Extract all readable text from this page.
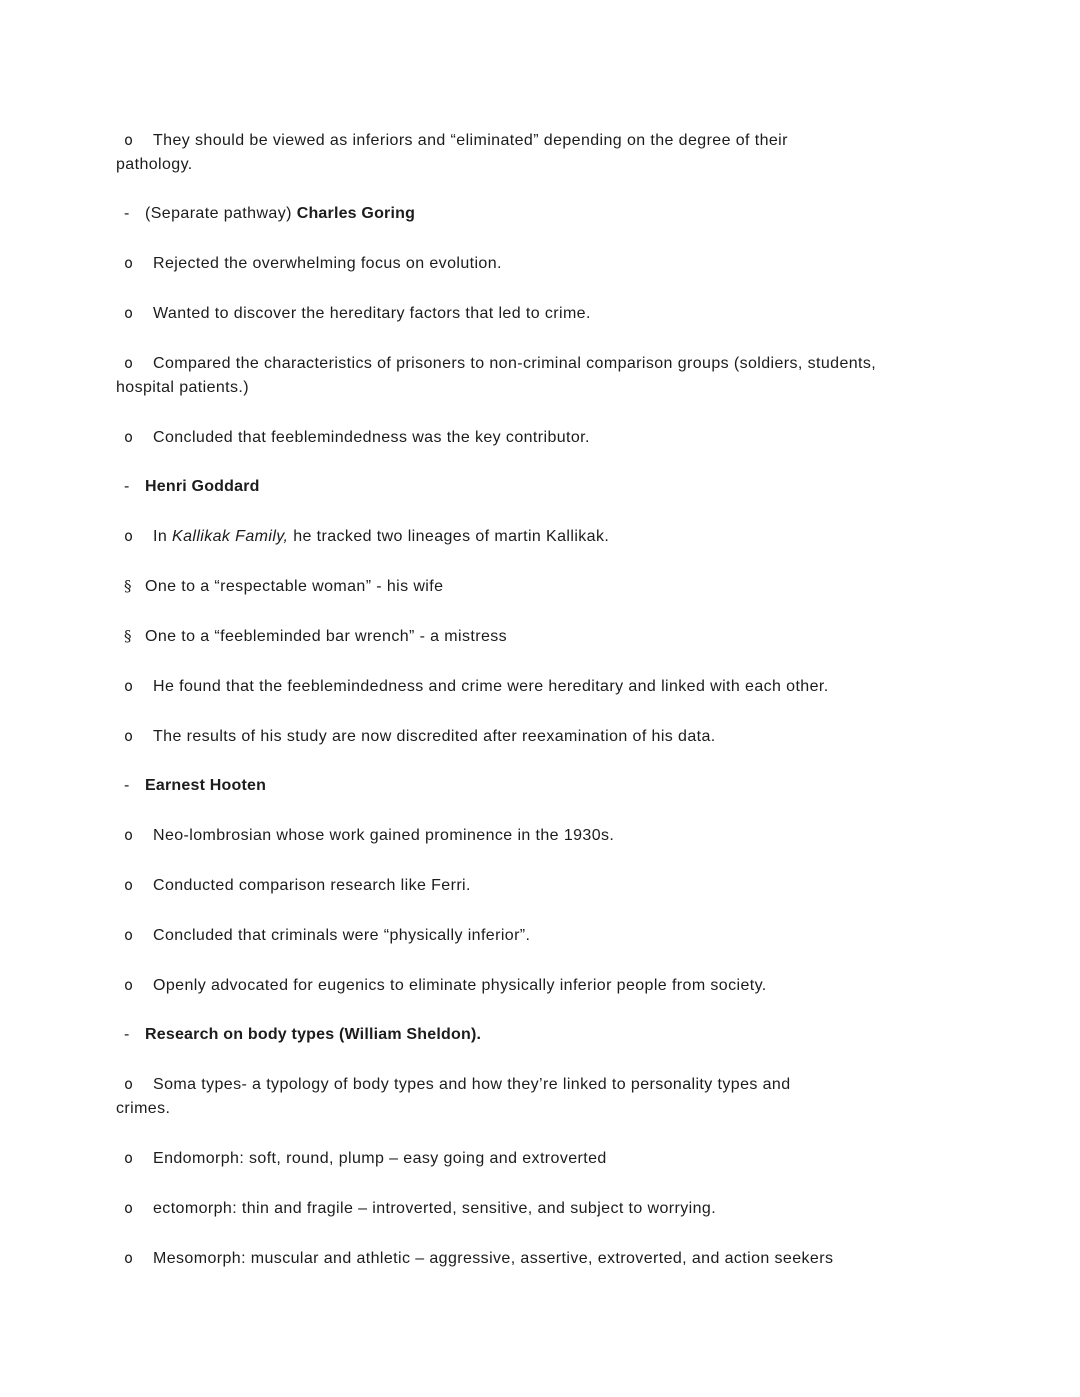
o They should be viewed as inferiors and “eliminated” depending on the degree of their
pathology.

- (Separate pathway) Charles Goring

o Rejected the overwhelming focus on evolution.

o Wanted to discover the hereditary factors that led to crime.

o Compared the characteristics of prisoners to non-criminal comparison groups (soldiers, students,
hospital patients.)

o Concluded that feeblemindedness was the key contributor.

- Henri Goddard

o In Kallikak Family, he tracked two lineages of martin Kallikak.

§ One to a “respectable woman” - his wife

§ One to a “feebleminded bar wrench” - a mistress

o He found that the feeblemindedness and crime were hereditary and linked with each other.

o The results of his study are now discredited after reexamination of his data.

- Earnest Hooten

o Neo-lombrosian whose work gained prominence in the 1930s.

o Conducted comparison research like Ferri.

o Concluded that criminals were “physically inferior”.

o Openly advocated for eugenics to eliminate physically inferior people from society.

- Research on body types (William Sheldon).

o Soma types- a typology of body types and how they’re linked to personality types and
crimes.

o Endomorph: soft, round, plump – easy going and extroverted

o ectomorph: thin and fragile – introverted, sensitive, and subject to worrying.

o Mesomorph: muscular and athletic – aggressive, assertive, extroverted, and action seekers
